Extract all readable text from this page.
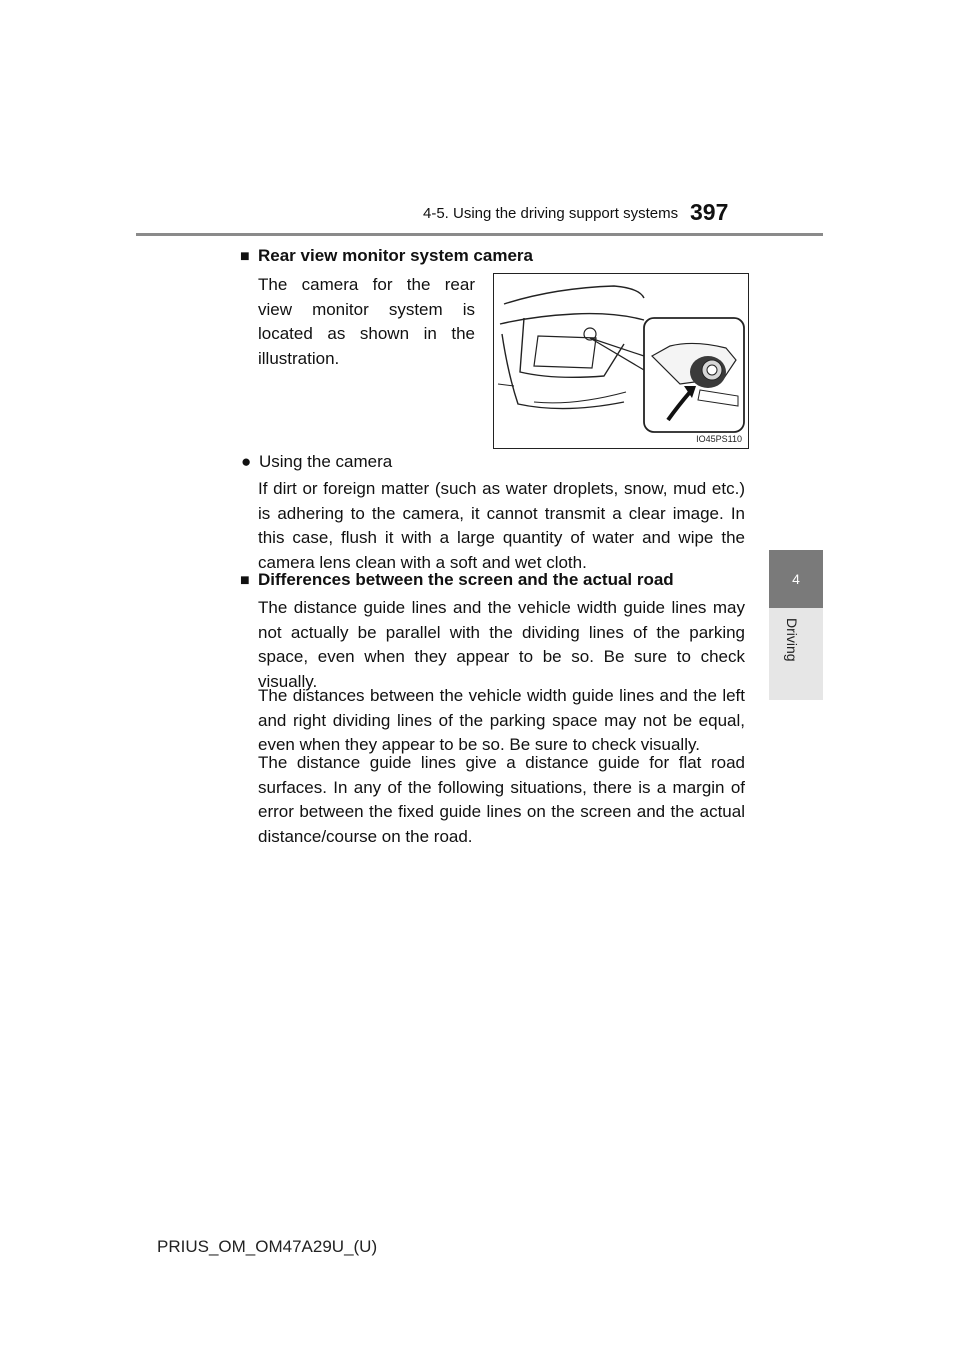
4-5. Using the driving support systems 397
4
Driving
■ Rear view monitor system camera
The camera for the rear view monitor system is located as shown in the illustration.
IO45PS110
● Using the camera
If dirt or foreign matter (such as water droplets, snow, mud etc.) is adhering to the camera, it cannot transmit a clear image. In this case, flush it with a large quantity of water and wipe the camera lens clean with a soft and wet cloth.
■ Differences between the screen and the actual road
The distance guide lines and the vehicle width guide lines may not actually be parallel with the dividing lines of the parking space, even when they appear to be so. Be sure to check visually.
The distances between the vehicle width guide lines and the left and right dividing lines of the parking space may not be equal, even when they appear to be so. Be sure to check visually.
The distance guide lines give a distance guide for flat road surfaces. In any of the following situations, there is a margin of error between the fixed guide lines on the screen and the actual distance/course on the road.
PRIUS_OM_OM47A29U_(U)
